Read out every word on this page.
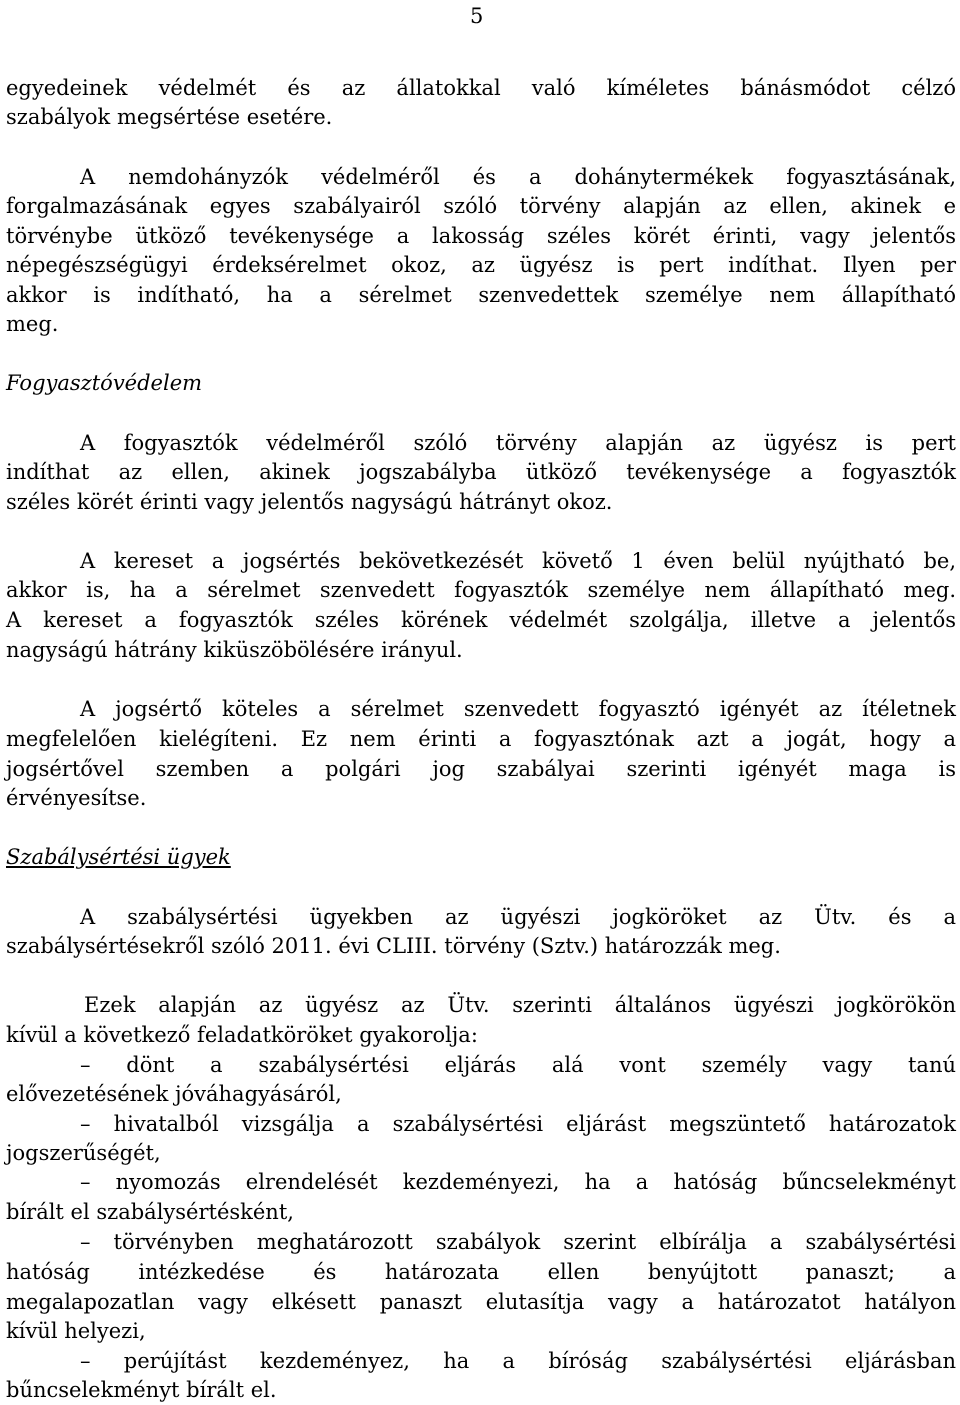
5
egyedeinek védelmét és az állatokkal való kíméletes bánásmódot célzó
szabályok megsértése esetére.
A nemdohányzók védelméről és a dohánytermékek fogyasztásának,
forgalmazásának egyes szabályairól szóló törvény alapján az ellen, akinek e
törvénybe ütköző tevékenysége a lakosság széles körét érinti, vagy jelentős
népegészségügyi érdeksérelmet okoz, az ügyész is pert indíthat. Ilyen per
akkor is indítható, ha a sérelmet szenvedettek személye nem állapítható
meg.
Fogyasztóvédelem
A fogyasztók védelméről szóló törvény alapján az ügyész is pert
indíthat az ellen, akinek jogszabályba ütköző tevékenysége a fogyasztók
széles körét érinti vagy jelentős nagyságú hátrányt okoz.
A kereset a jogsértés bekövetkezését követő 1 éven belül nyújtható be,
akkor is, ha a sérelmet szenvedett fogyasztók személye nem állapítható meg.
A kereset a fogyasztók széles körének védelmét szolgálja, illetve a jelentős
nagyságú hátrány kiküszöbölésére irányul.
A jogsértő köteles a sérelmet szenvedett fogyasztó igényét az ítéletnek
megfelelően kielégíteni. Ez nem érinti a fogyasztónak azt a jogát, hogy a
jogsértővel szemben a polgári jog szabályai szerinti igényét maga is
érvényesítse.
Szabálysértési ügyek
A szabálysértési ügyekben az ügyészi jogköröket az Ütv. és a
szabálysértésekről szóló 2011. évi CLIII. törvény (Sztv.) határozzák meg.
Ezek alapján az ügyész az Ütv. szerinti általános ügyészi jogkörökön
kívül a következő feladatköröket gyakorolja:
– dönt a szabálysértési eljárás alá vont személy vagy tanú
elővezetésének jóváhagyásáról,
– hivatalból vizsgálja a szabálysértési eljárást megszüntető határozatok
jogszerűségét,
– nyomozás elrendelését kezdeményezi, ha a hatóság bűncselekményt
bírált el szabálysértésként,
– törvényben meghatározott szabályok szerint elbírálja a szabálysértési
hatóság intézkedése és határozata ellen benyújtott panaszt; a
megalapozatlan vagy elkésett panaszt elutasítja vagy a határozatot hatályon
kívül helyezi,
– perújítást kezdeményez, ha a bíróság szabálysértési eljárásban
bűncselekményt bírált el.
